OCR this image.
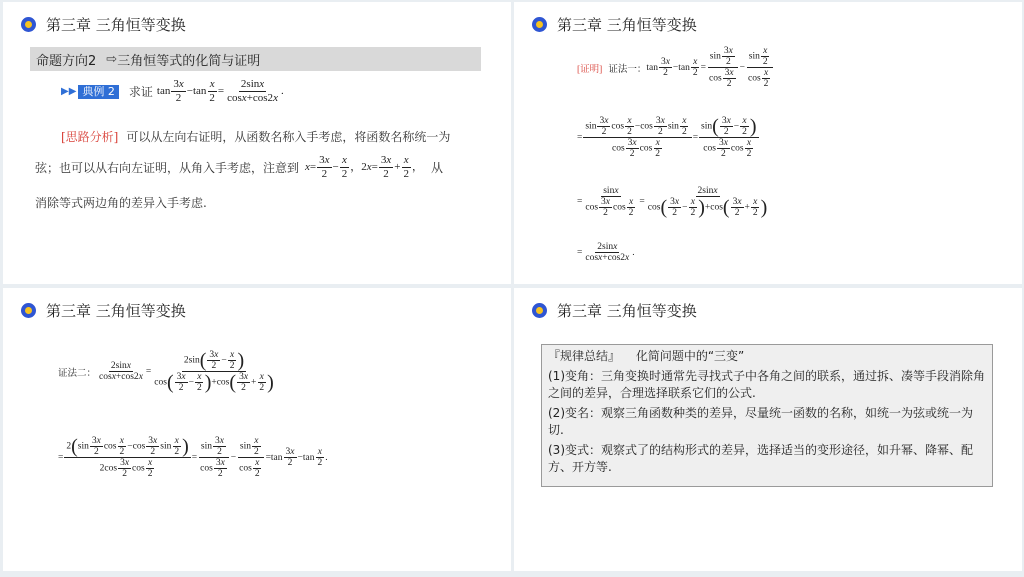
第三章 三角恒等变换
命题方向2 ⇨ 三角恒等式的化简与证明
▶▶ 典例 2	求证 $\tan \frac{3x}{2} -\tan \frac{x}{2} = \frac{2\sin x}{\cos x+\cos 2x}$ .
[思路分析] 可以从左向右证明，从函数名称入手考虑，将函数名称统一为
弦；也可以从右向左证明，从角入手考虑，注意到 $x= \frac{3x}{2} - \frac{x}{2}$ ，$2x= \frac{3x}{2} + \frac{x}{2}$ ， 从
消除等式两边角的差异入手考虑.
第三章 三角恒等变换
[证明] 证法一： $\tan \frac{3x}{2} -\tan \frac{x}{2} = \frac{\sin \frac{3x}{2}}{\cos \frac{3x}{2}} - \frac{\sin \frac{x}{2}}{\cos \frac{x}{2}}$
= $\frac{\sin \frac{3x}{2} \cos \frac{x}{2} -\cos \frac{3x}{2} \sin \frac{x}{2}}{\cos \frac{3x}{2} \cos \frac{x}{2}} = \frac{\sin( \frac{3x}{2} - \frac{x}{2} )}{\cos \frac{3x}{2} \cos \frac{x}{2}}$
= $\frac{\sin x}{\cos \frac{3x}{2} \cos \frac{x}{2}} = \frac{2\sin x}{\cos( \frac{3x}{2} - \frac{x}{2} )+\cos( \frac{3x}{2} + \frac{x}{2} )}$
= $\frac{2\sin x}{\cos x+\cos 2x}$ .
第三章 三角恒等变换
证法二： $\frac{2\sin x}{\cos x+\cos 2x} = \frac{2\sin( \frac{3x}{2} - \frac{x}{2} )}{\cos( \frac{3x}{2} - \frac{x}{2} )+\cos( \frac{3x}{2} + \frac{x}{2} )}$
= $\frac{2(\sin \frac{3x}{2} \cos \frac{x}{2} -\cos \frac{3x}{2} \sin \frac{x}{2} )}{2\cos \frac{3x}{2} \cos \frac{x}{2}} = \frac{\sin \frac{3x}{2}}{\cos \frac{3x}{2}} - \frac{\sin \frac{x}{2}}{\cos \frac{x}{2}} =\tan \frac{3x}{2} -\tan \frac{x}{2}$ .
第三章 三角恒等变换

『规律总结』 化简问题中的“三变”

(1)变角：三角变换时通常先寻找式子中各角之间的联系，通过拆、凑等手段消除角之间的差异，合理选择联系它们的公式.

(2)变名：观察三角函数种类的差异，尽量统一函数的名称，如统一为弦或统一为切.

(3)变式：观察式了的结构形式的差异，选择适当的变形途径，如升幂、降幂、配方、开方等.
